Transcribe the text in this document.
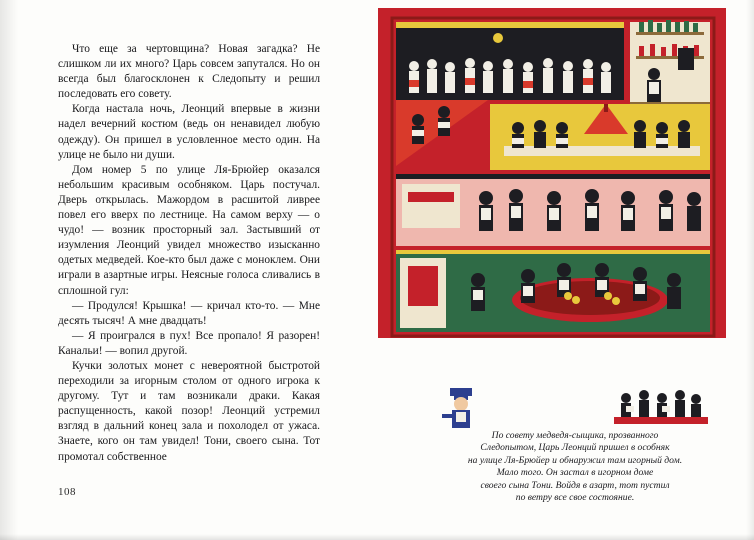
Что еще за чертовщина? Новая загадка? Не слишком ли их много? Царь совсем запутался. Но он всегда был благосклонен к Следопыту и решил последовать его совету.

Когда настала ночь, Леонций впервые в жизни надел вечерний костюм (ведь он ненавидел любую одежду). Он пришел в условленное место один. На улице не было ни души.

Дом номер 5 по улице Ля-Брюйер оказался небольшим красивым особняком. Царь постучал. Дверь открылась. Мажордом в расшитой ливрее повел его вверх по лестнице. На самом верху — о чудо! — возник просторный зал. Застывший от изумления Леонций увидел множество изысканно одетых медведей. Кое-кто был даже с моноклем. Они играли в азартные игры. Неясные голоса сливались в сплошной гул:

— Продулся! Крышка! — кричал кто-то. — Мне десять тысяч! А мне двадцать!

— Я проигрался в пух! Все пропало! Я разорен! Канальи! — вопил другой.

Кучки золотых монет с невероятной быстротой переходили за игорным столом от одного игрока к другому. Тут и там возникали драки. Какая распущенность, какой позор! Леонций устремил взгляд в дальний конец зала и похолодел от ужаса. Знаете, кого он там увидел! Тони, своего сына. Тот промотал собственное

108

По совету медведя-сыщика, прозванного
Следопытом, Царь Леонций пришел в особняк
на улице Ля-Брюйер и обнаружил там игорный дом.
Мало того. Он застал в игорном доме
своего сына Тони. Войдя в азарт, тот пустил
по ветру все свое состояние.
